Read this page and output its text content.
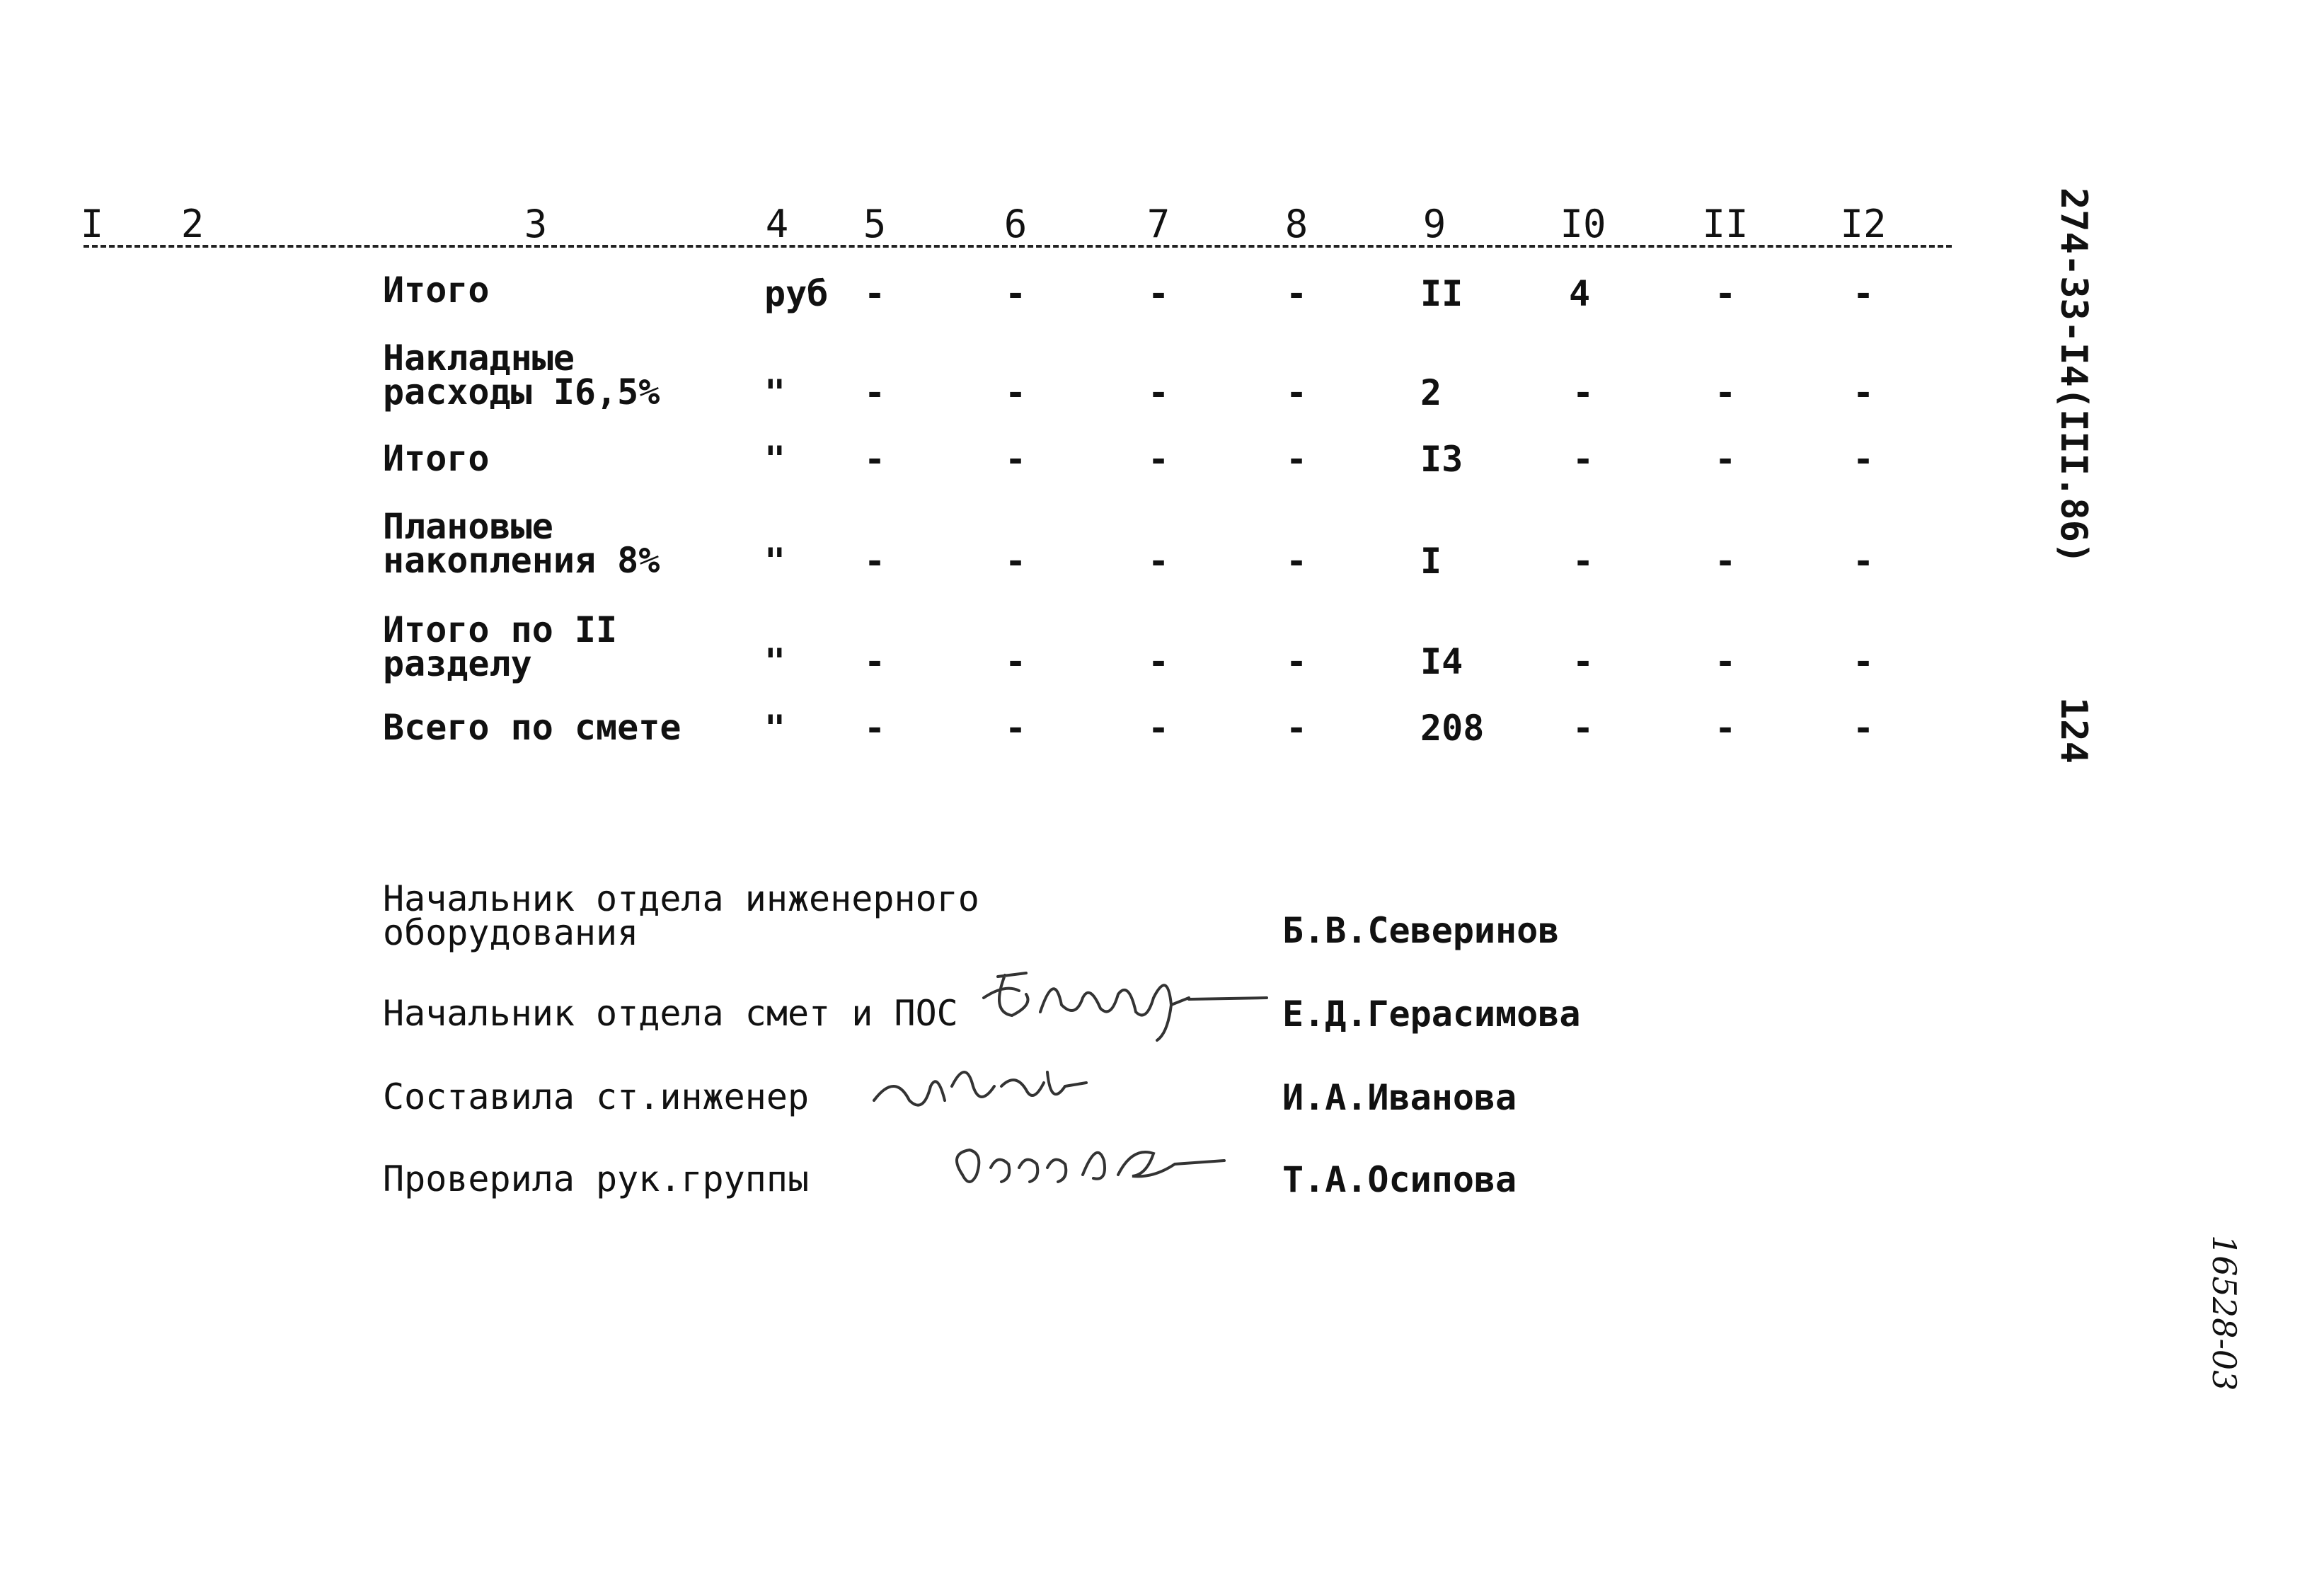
I 2	3	4 5	6	7	8	9	I0	II I2
Итого	руб -	-	-	-	II	4	-	-
Накладные
расходы I6,5%	" -	-	-	-	2	-	-	-
Итого	" -	-	-	-	I3	-	-	-
Плановые
накопления 8%	" -	-	-	-	I	-	-	-
Итого по II
разделу	" -	-	-	-	I4	-	-	-
Всего по смете " -	-	-	-	208 -	-	-
Начальник отдела инженерного
оборудования	Б.В.Северинов
Начальник отдела смет и ПОС	Е.Д.Герасимова
Составила ст.инженер	И.А.Иванова
Проверила рук.группы	Т.А.Осипова
274-33-I4(III.86)
124
16528-03
